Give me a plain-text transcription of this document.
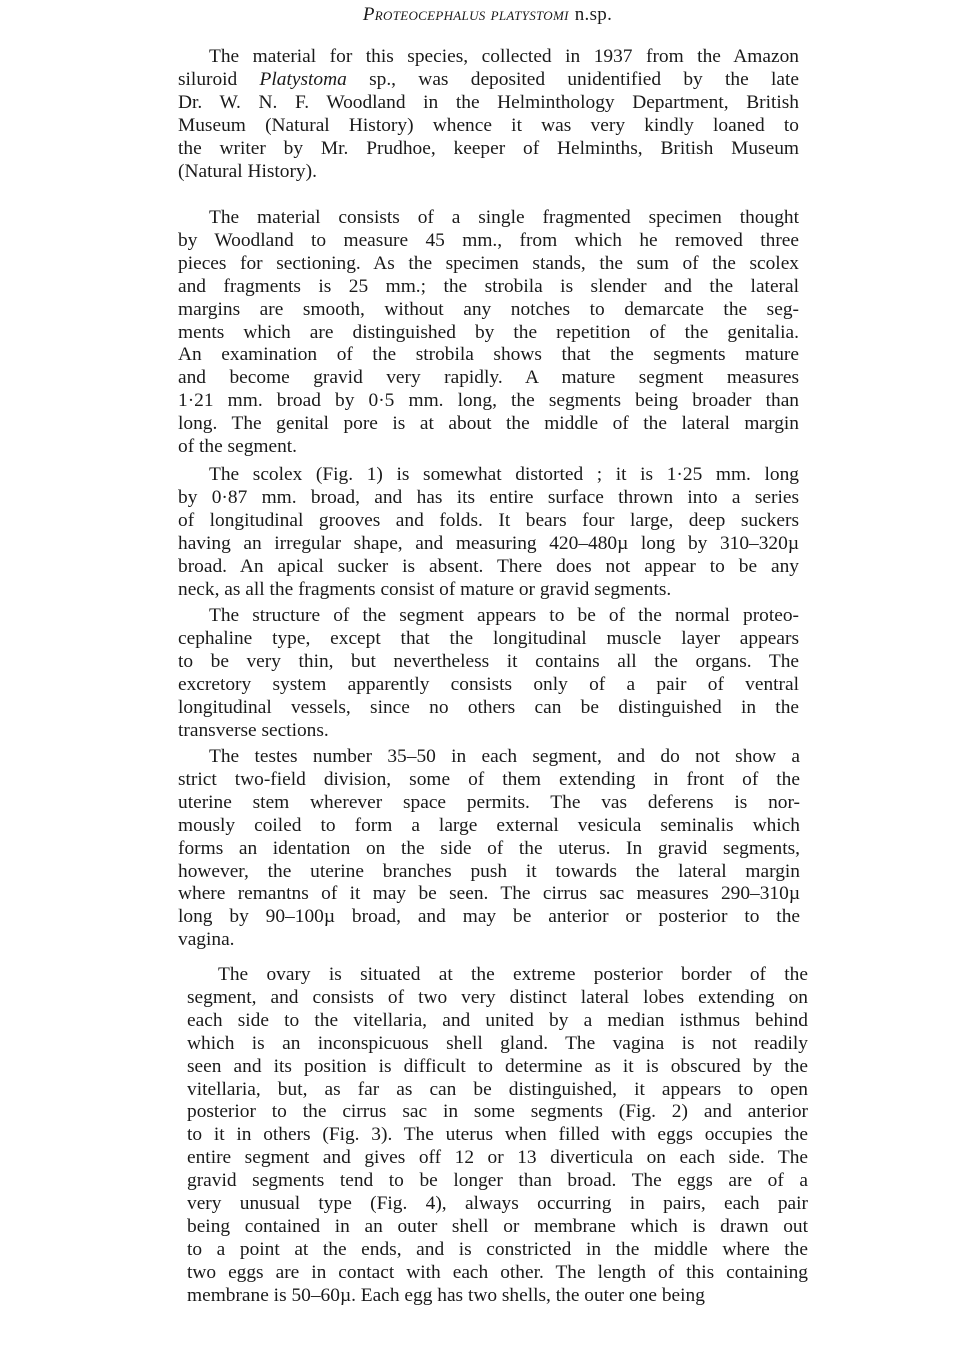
Proteocephalus platystomi n.sp.
The material for this species, collected in 1937 from the Amazon
siluroid Platystoma sp., was deposited unidentified by the late
Dr. W. N. F. Woodland in the Helminthology Department, British
Museum (Natural History) whence it was very kindly loaned to
the writer by Mr. Prudhoe, keeper of Helminths, British Museum
(Natural History).
The material consists of a single fragmented specimen thought
by Woodland to measure 45 mm., from which he removed three
pieces for sectioning. As the specimen stands, the sum of the scolex
and fragments is 25 mm.; the strobila is slender and the lateral
margins are smooth, without any notches to demarcate the seg-
ments which are distinguished by the repetition of the genitalia.
An examination of the strobila shows that the segments mature
and become gravid very rapidly. A mature segment measures
1·21 mm. broad by 0·5 mm. long, the segments being broader than
long. The genital pore is at about the middle of the lateral margin
of the segment.
The scolex (Fig. 1) is somewhat distorted ; it is 1·25 mm. long
by 0·87 mm. broad, and has its entire surface thrown into a series
of longitudinal grooves and folds. It bears four large, deep suckers
having an irregular shape, and measuring 420–480µ long by 310–320µ
broad. An apical sucker is absent. There does not appear to be any
neck, as all the fragments consist of mature or gravid segments.
The structure of the segment appears to be of the normal proteo-
cephaline type, except that the longitudinal muscle layer appears
to be very thin, but nevertheless it contains all the organs. The
excretory system apparently consists only of a pair of ventral
longitudinal vessels, since no others can be distinguished in the
transverse sections.
The testes number 35–50 in each segment, and do not show a
strict two-field division, some of them extending in front of the
uterine stem wherever space permits. The vas deferens is nor-
mously coiled to form a large external vesicula seminalis which
forms an identation on the side of the uterus. In gravid segments,
however, the uterine branches push it towards the lateral margin
where remantns of it may be seen. The cirrus sac measures 290–310µ
long by 90–100µ broad, and may be anterior or posterior to the
vagina.
The ovary is situated at the extreme posterior border of the
segment, and consists of two very distinct lateral lobes extending on
each side to the vitellaria, and united by a median isthmus behind
which is an inconspicuous shell gland. The vagina is not readily
seen and its position is difficult to determine as it is obscured by the
vitellaria, but, as far as can be distinguished, it appears to open
posterior to the cirrus sac in some segments (Fig. 2) and anterior
to it in others (Fig. 3). The uterus when filled with eggs occupies the
entire segment and gives off 12 or 13 diverticula on each side. The
gravid segments tend to be longer than broad. The eggs are of a
very unusual type (Fig. 4), always occurring in pairs, each pair
being contained in an outer shell or membrane which is drawn out
to a point at the ends, and is constricted in the middle where the
two eggs are in contact with each other. The length of this containing
membrane is 50–60µ. Each egg has two shells, the outer one being
